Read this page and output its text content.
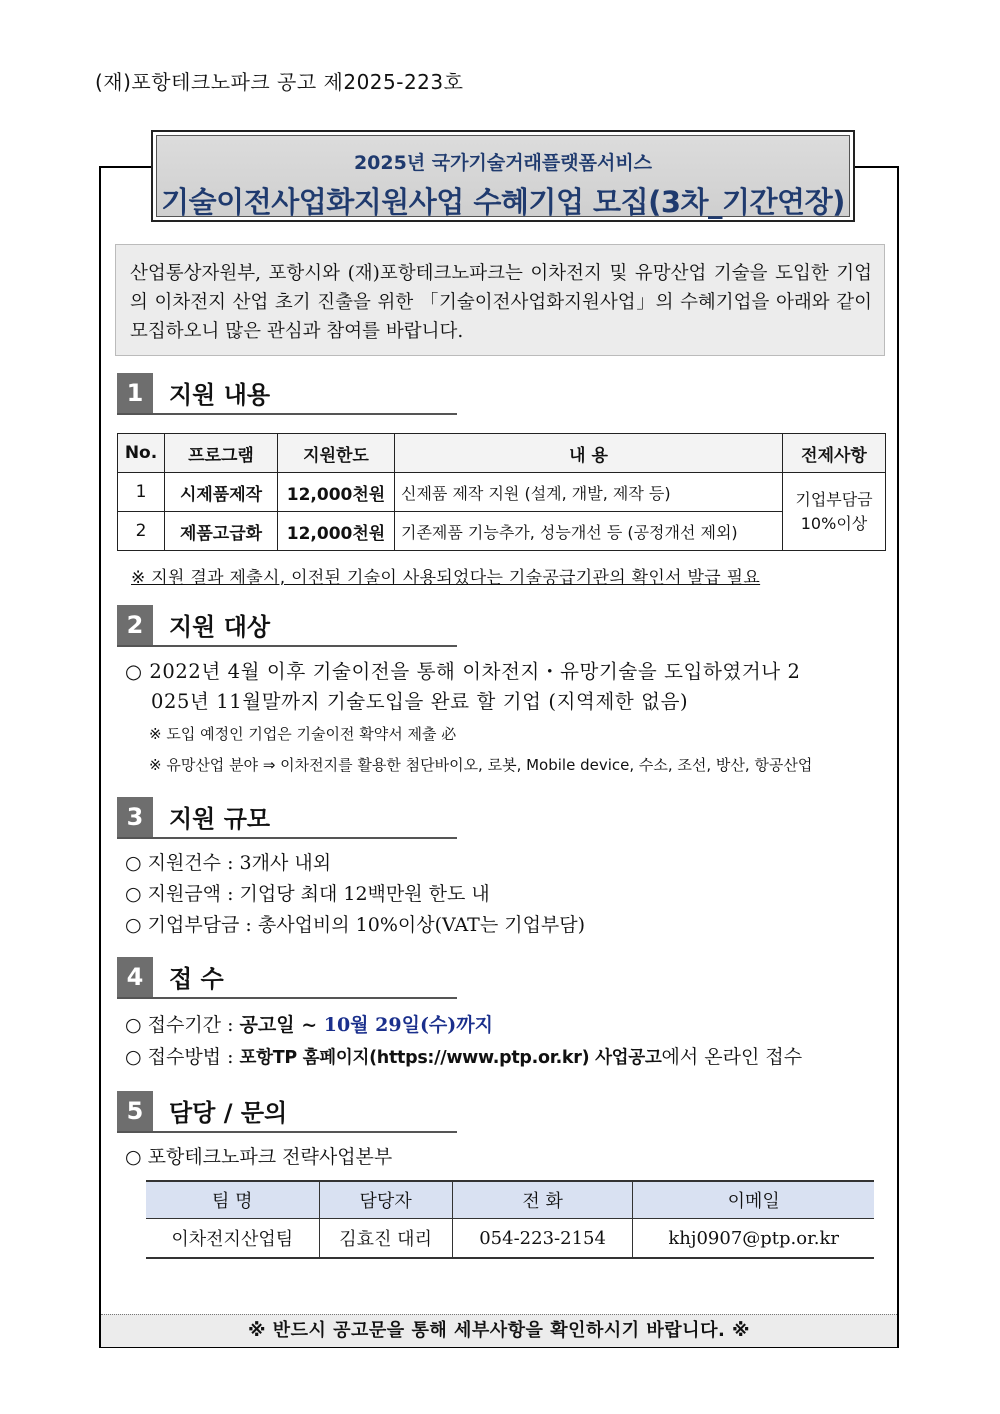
(재)포항테크노파크 공고 제2025-223호
2025년 국가기술거래플랫폼서비스
기술이전사업화지원사업 수혜기업 모집(3차_기간연장)
산업통상자원부, 포항시와 (재)포항테크노파크는 이차전지 및 유망산업 기술을 도입한 기업의 이차전지 산업 초기 진출을 위한 「기술이전사업화지원사업」의 수혜기업을 아래와 같이 모집하오니 많은 관심과 참여를 바랍니다.
1	지원 내용
No.	프로그램	지원한도	내 용	전제사항
1	시제품제작	12,000천원	신제품 제작 지원 (설계, 개발, 제작 등)	기업부담금
10%이상

2	제품고급화	12,000천원	기존제품 기능추가, 성능개선 등 (공정개선 제외)	
※ 지원 결과 제출시, 이전된 기술이 사용되었다는 기술공급기관의 확인서 발급 필요
2	지원 대상
○ 2022년 4월 이후 기술이전을 통해 이차전지・유망기술을 도입하였거나 2
025년 11월말까지 기술도입을 완료 할 기업 (지역제한 없음)
※ 도입 예정인 기업은 기술이전 확약서 제출 必
※ 유망산업 분야 ⇒ 이차전지를 활용한 첨단바이오, 로봇, Mobile device, 수소, 조선, 방산, 항공산업
3	지원 규모
○ 지원건수 : 3개사 내외
○ 지원금액 : 기업당 최대 12백만원 한도 내
○ 기업부담금 : 총사업비의 10%이상(VAT는 기업부담)
4	접 수
○ 접수기간 : 공고일 ~ 10월 29일(수)까지
○ 접수방법 : 포항TP 홈페이지(https://www.ptp.or.kr) 사업공고에서 온라인 접수
5	담당 / 문의
○ 포항테크노파크 전략사업본부
팀 명	담당자	전 화	이메일
이차전지산업팀	김효진 대리	054-223-2154	khj0907@ptp.or.kr
※ 반드시 공고문을 통해 세부사항을 확인하시기 바랍니다. ※
